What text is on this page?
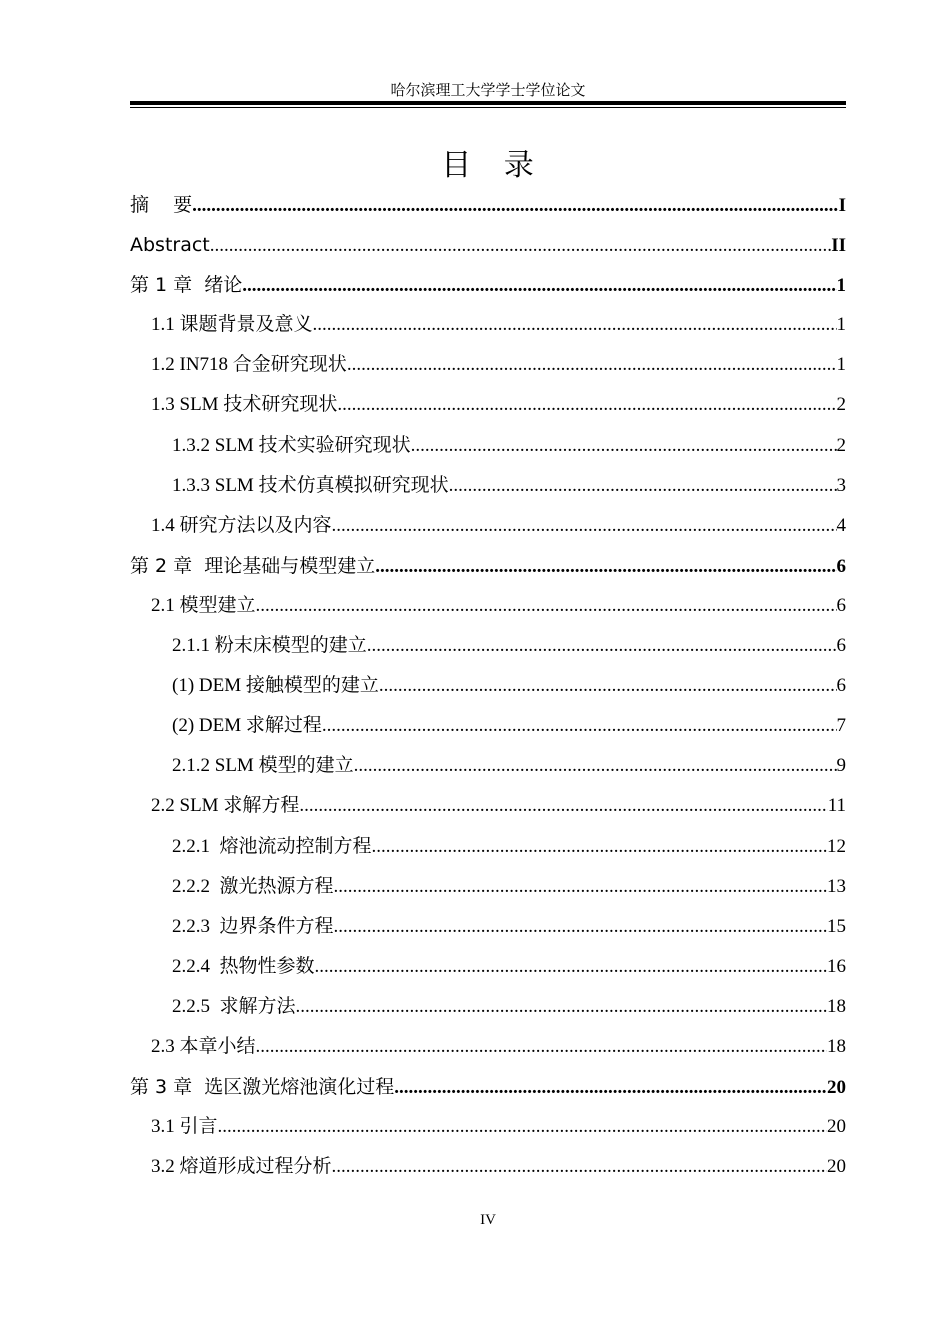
哈尔滨理工大学学士学位论文
目   录
摘    要 .....	I
Abstract .....	II
第 1 章  绪论 .....	1
1.1 课题背景及意义 .....	1
1.2 IN718 合金研究现状 .....	1
1.3 SLM 技术研究现状 .....	2
1.3.2 SLM 技术实验研究现状 .....	2
1.3.3 SLM 技术仿真模拟研究现状 .....	3
1.4 研究方法以及内容 .....	4
第 2 章  理论基础与模型建立 .....	6
2.1 模型建立 .....	6
2.1.1 粉末床模型的建立 .....	6
(1) DEM 接触模型的建立 .....	6
(2) DEM 求解过程 .....	7
2.1.2 SLM 模型的建立 .....	9
2.2 SLM 求解方程 .....	11
2.2.1  熔池流动控制方程 .....	12
2.2.2  激光热源方程 .....	13
2.2.3  边界条件方程 .....	15
2.2.4  热物性参数 .....	16
2.2.5  求解方法 .....	18
2.3 本章小结 .....	18
第 3 章  选区激光熔池演化过程 .....	20
3.1 引言 .....	20
3.2 熔道形成过程分析 .....	20
IV
